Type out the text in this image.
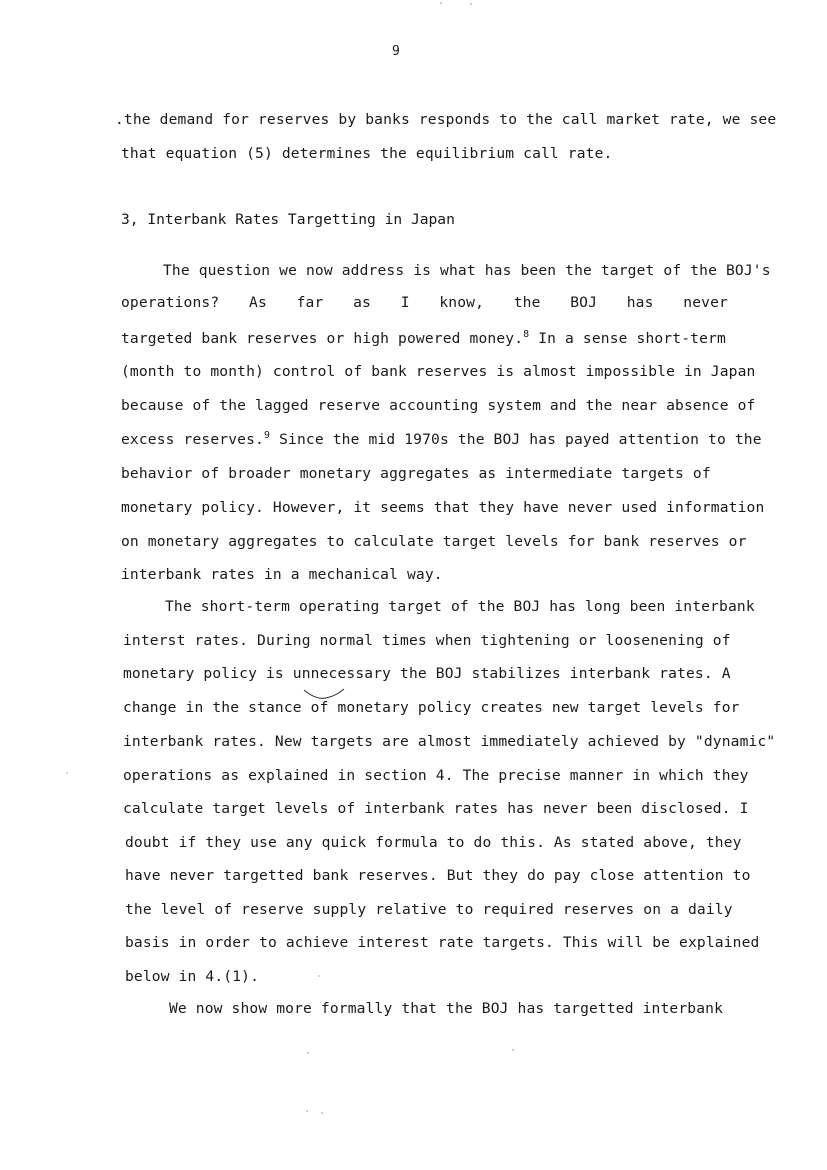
9
.the demand for reserves by banks responds to the call market rate, we see
that equation (5) determines the equilibrium call rate.
3, Interbank Rates Targetting in Japan
The question we now address is what has been the target of the BOJ's
operations? As far as I know, the BOJ has never
targeted bank reserves or high powered money.$^8$ In a sense short-term
(month to month) control of bank reserves is almost impossible in Japan
because of the lagged reserve accounting system and the near absence of
excess reserves.$^9$ Since the mid 1970s the BOJ has payed attention to the
behavior of broader monetary aggregates as intermediate targets of
monetary policy. However, it seems that they have never used information
on monetary aggregates to calculate target levels for bank reserves or
interbank rates in a mechanical way.
The short-term operating target of the BOJ has long been interbank
interst rates. During normal times when tightening or loosenening of
monetary policy is unnecessary the BOJ stabilizes interbank rates. A
change in the stance of monetary policy creates new target levels for
interbank rates. New targets are almost immediately achieved by "dynamic"
operations as explained in section 4. The precise manner in which they
calculate target levels of interbank rates has never been disclosed. I
doubt if they use any quick formula to do this. As stated above, they
have never targetted bank reserves. But they do pay close attention to
the level of reserve supply relative to required reserves on a daily
basis in order to achieve interest rate targets. This will be explained
below in 4.(1).
We now show more formally that the BOJ has targetted interbank
